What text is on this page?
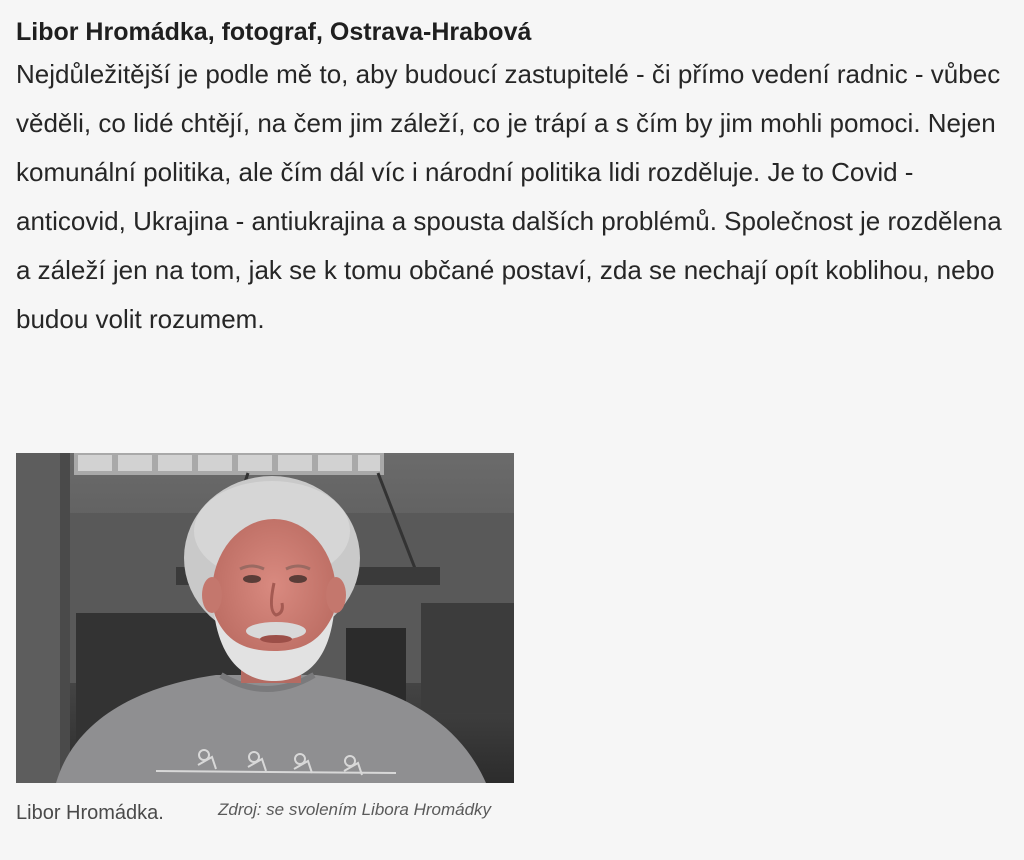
Libor Hromádka, fotograf, Ostrava-Hrabová

Nejdůležitější je podle mě to, aby budoucí zastupitelé - či přímo vedení radnic - vůbec věděli, co lidé chtějí, na čem jim záleží, co je trápí a s čím by jim mohli pomoci. Nejen komunální politika, ale čím dál víc i národní politika lidi rozděluje. Je to Covid - anticovid, Ukrajina - antiukrajina a spousta dalších problémů. Společnost je rozdělena a záleží jen na tom, jak se k tomu občané postaví, zda se nechají opít koblihou, nebo budou volit rozumem.

Libor Hromádka.	Zdroj: se svolením Libora Hromádky
